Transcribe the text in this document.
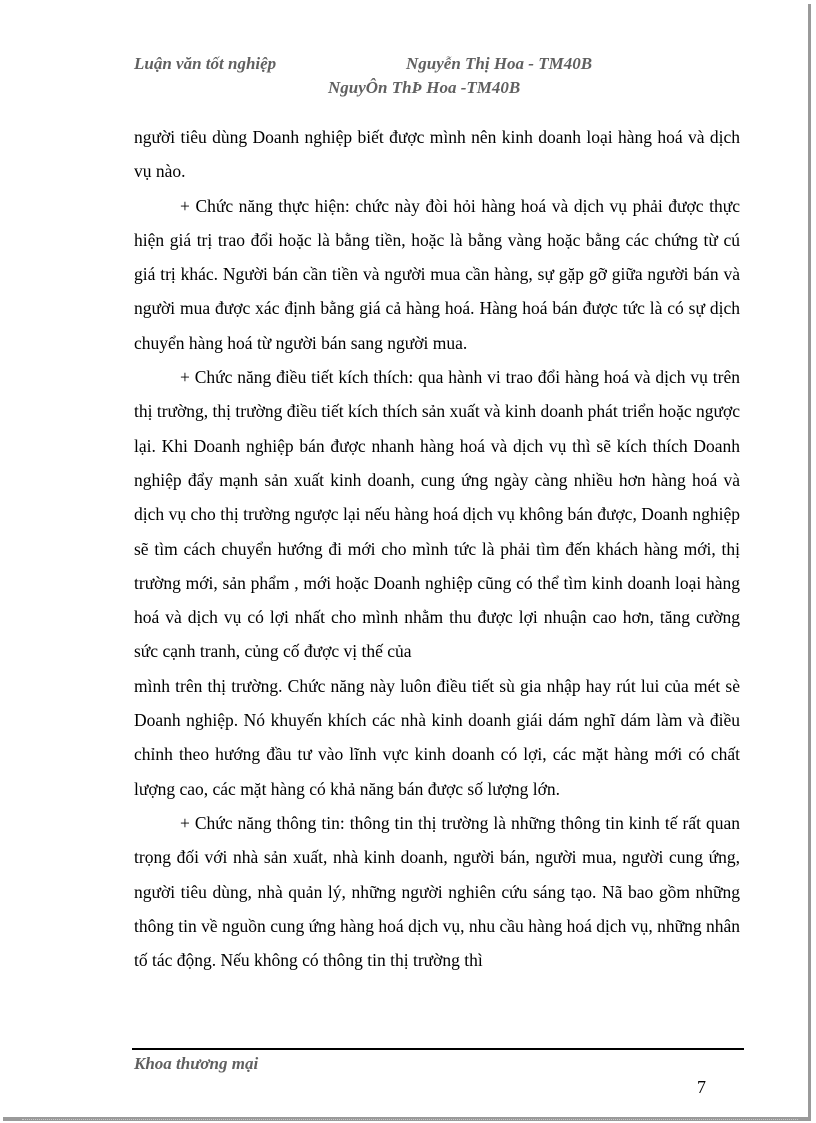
Luận văn tốt nghiệp	Nguyễn Thị Hoa - TM40B
NguyÔn ThÞ Hoa -TM40B

người tiêu dùng Doanh nghiệp biết được mình nên kinh doanh loại hàng hoá và dịch vụ nào.

+ Chức năng thực hiện: chức này đòi hỏi hàng hoá và dịch vụ phải được thực hiện giá trị trao đổi hoặc là bằng tiền, hoặc là bằng vàng hoặc bằng các chứng từ cú giá trị khác. Người bán cần tiền và người mua cần hàng, sự gặp gỡ giữa người bán và người mua được xác định bằng giá cả hàng hoá. Hàng hoá bán được tức là có sự dịch chuyển hàng hoá từ người bán sang người mua.

+ Chức năng điều tiết kích thích: qua hành vi trao đổi hàng hoá và dịch vụ trên thị trường, thị trường điều tiết kích thích sản xuất và kinh doanh phát triển hoặc ngược lại. Khi Doanh nghiệp bán được nhanh hàng hoá và dịch vụ thì sẽ kích thích Doanh nghiệp đẩy mạnh sản xuất kinh doanh, cung ứng ngày càng nhiều hơn hàng hoá và dịch vụ cho thị trường ngược lại nếu hàng hoá dịch vụ không bán được, Doanh nghiệp sẽ tìm cách chuyển hướng đi mới cho mình tức là phải tìm đến khách hàng mới, thị trường mới, sản phẩm , mới hoặc Doanh nghiệp cũng có thể tìm kinh doanh loại hàng hoá và dịch vụ có lợi nhất cho mình nhằm thu được lợi nhuận cao hơn, tăng cường sức cạnh tranh, củng cố được vị thế của

mình trên thị trường. Chức năng này luôn điều tiết sù gia nhập hay rút lui của mét sè Doanh nghiệp. Nó khuyến khích các nhà kinh doanh giái dám nghĩ dám làm và điều chỉnh theo hướng đầu tư vào lĩnh vực kinh doanh có lợi, các mặt hàng mới có chất lượng cao, các mặt hàng có khả năng bán được số lượng lớn.

+ Chức năng thông tin: thông tin thị trường là những thông tin kinh tế rất quan trọng đối với nhà sản xuất, nhà kinh doanh, người bán, người mua, người cung ứng, người tiêu dùng, nhà quản lý, những người nghiên cứu sáng tạo. Nã bao gồm những thông tin về nguồn cung ứng hàng hoá dịch vụ, nhu cầu hàng hoá dịch vụ, những nhân tố tác động. Nếu không có thông tin thị trường thì

Khoa thương mại
7
